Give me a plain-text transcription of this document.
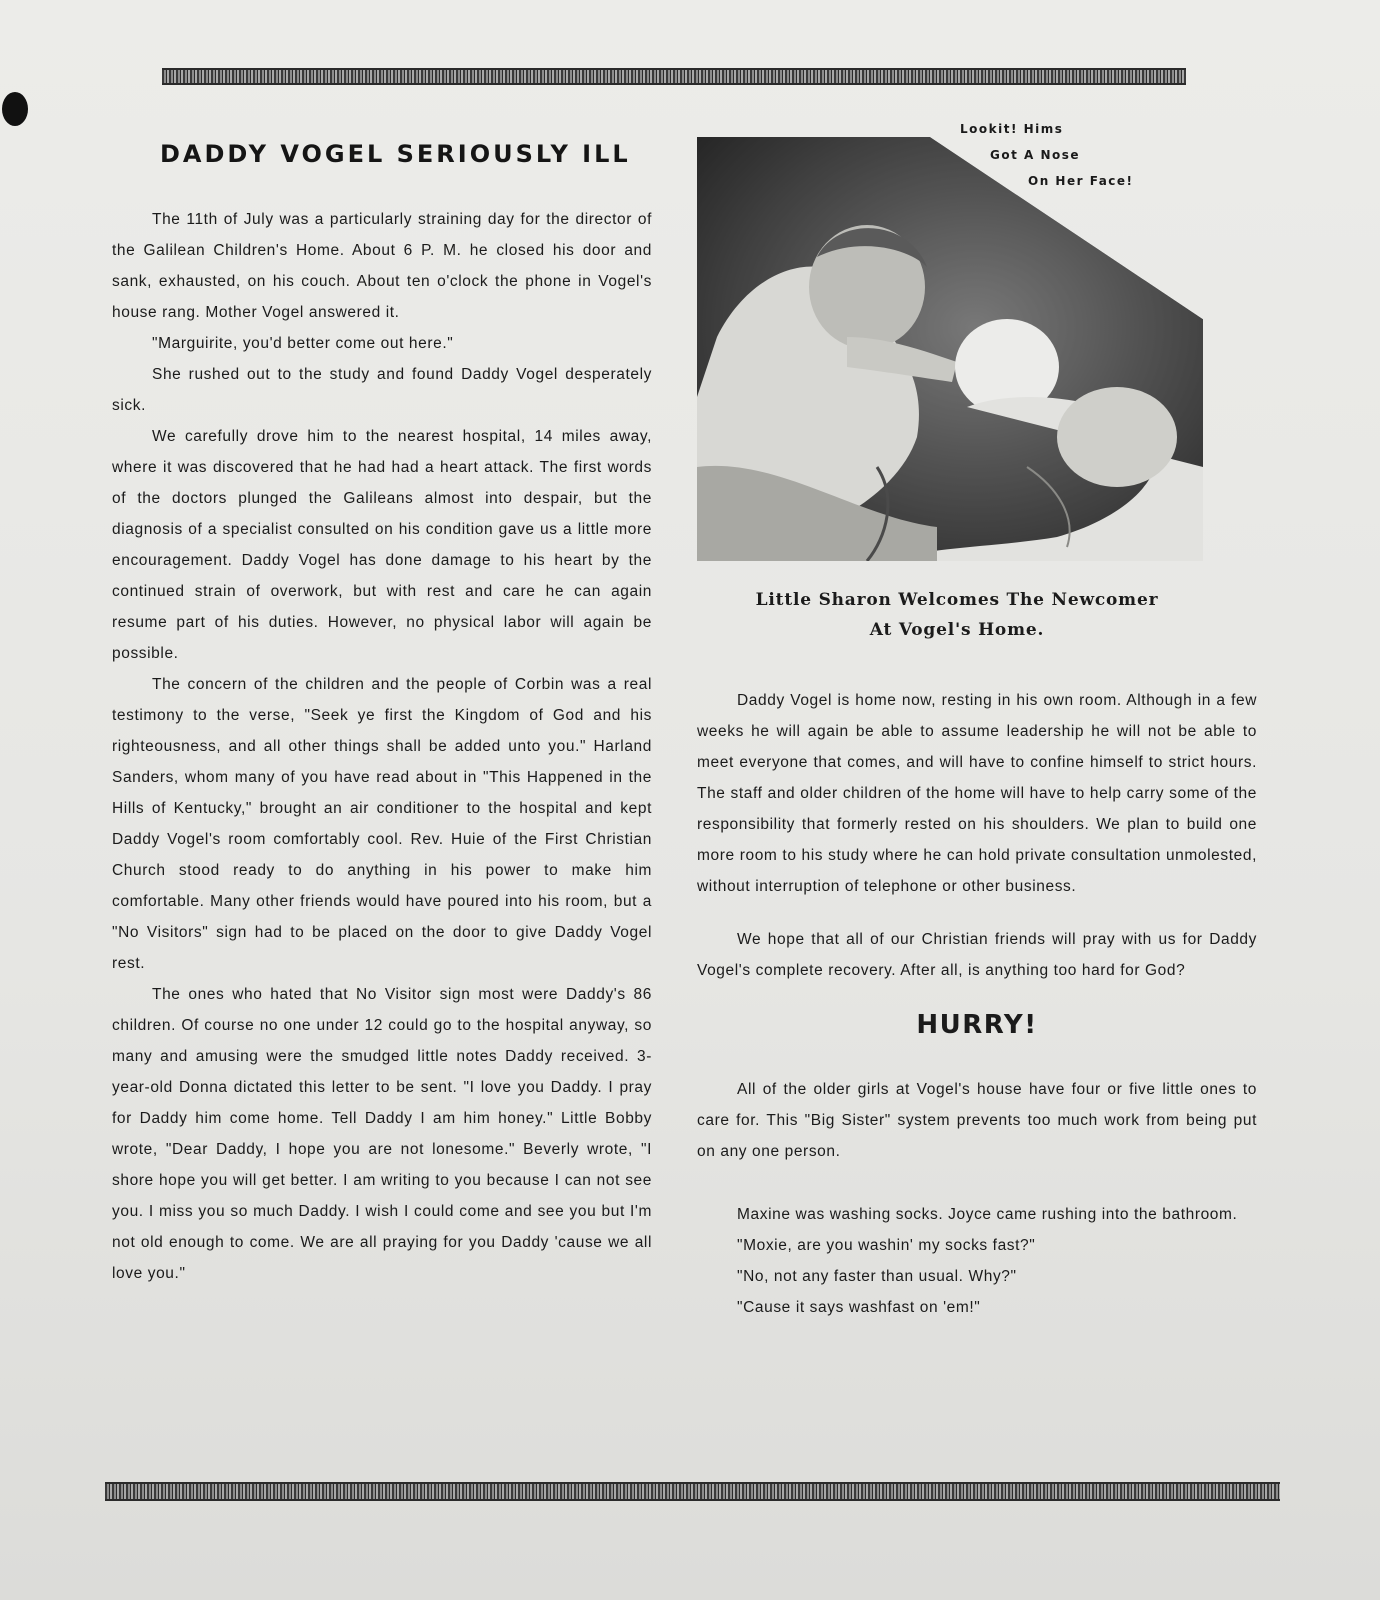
DADDY VOGEL SERIOUSLY ILL

The 11th of July was a particularly straining day for the director of the Galilean Children's Home. About 6 P. M. he closed his door and sank, exhausted, on his couch. About ten o'clock the phone in Vogel's house rang. Mother Vogel answered it.

"Marguirite, you'd better come out here."

She rushed out to the study and found Daddy Vogel desperately sick.

We carefully drove him to the nearest hospital, 14 miles away, where it was discovered that he had had a heart attack. The first words of the doctors plunged the Galileans almost into despair, but the diagnosis of a specialist consulted on his condition gave us a little more encouragement. Daddy Vogel has done damage to his heart by the continued strain of overwork, but with rest and care he can again resume part of his duties. However, no physical labor will again be possible.

The concern of the children and the people of Corbin was a real testimony to the verse, "Seek ye first the Kingdom of God and his righteousness, and all other things shall be added unto you." Harland Sanders, whom many of you have read about in "This Happened in the Hills of Kentucky," brought an air conditioner to the hospital and kept Daddy Vogel's room comfortably cool. Rev. Huie of the First Christian Church stood ready to do anything in his power to make him comfortable. Many other friends would have poured into his room, but a "No Visitors" sign had to be placed on the door to give Daddy Vogel rest.

The ones who hated that No Visitor sign most were Daddy's 86 children. Of course no one under 12 could go to the hospital anyway, so many and amusing were the smudged little notes Daddy received. 3-year-old Donna dictated this letter to be sent. "I love you Daddy. I pray for Daddy him come home. Tell Daddy I am him honey." Little Bobby wrote, "Dear Daddy, I hope you are not lonesome." Beverly wrote, "I shore hope you will get better. I am writing to you because I can not see you. I miss you so much Daddy. I wish I could come and see you but I'm not old enough to come. We are all praying for you Daddy 'cause we all love you."

Lookit! Hims
Got A Nose
On Her Face!
Little Sharon Welcomes The Newcomer
At Vogel's Home.

Daddy Vogel is home now, resting in his own room. Although in a few weeks he will again be able to assume leadership he will not be able to meet everyone that comes, and will have to confine himself to strict hours. The staff and older children of the home will have to help carry some of the responsibility that formerly rested on his shoulders. We plan to build one more room to his study where he can hold private consultation unmolested, without interruption of telephone or other business.

We hope that all of our Christian friends will pray with us for Daddy Vogel's complete recovery. After all, is anything too hard for God?

HURRY!

All of the older girls at Vogel's house have four or five little ones to care for. This "Big Sister" system prevents too much work from being put on any one person.

Maxine was washing socks. Joyce came rushing into the bathroom.

"Moxie, are you washin' my socks fast?"

"No, not any faster than usual. Why?"

"Cause it says washfast on 'em!"
